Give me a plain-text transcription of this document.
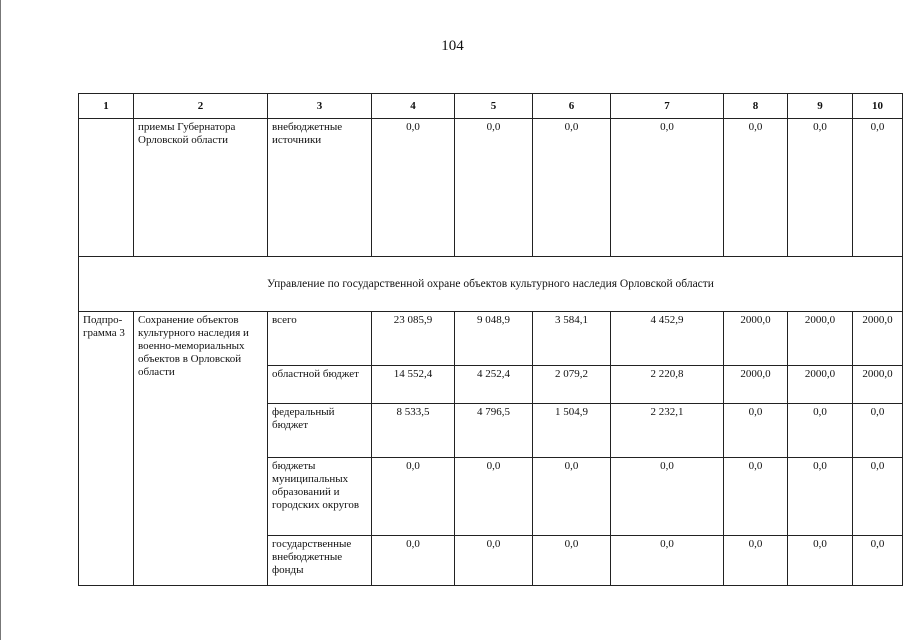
104
1	2	3	4	5	6	7	8	9	10
	приемы Губернатора Орловской области	внебюджетные источники	0,0	0,0	0,0	0,0	0,0	0,0	0,0
Управление по государственной охране объектов культурного наследия Орловской области									
Подпро-грамма 3	Сохранение объектов культурного наследия и военно-мемориальных объектов в Орловской области	всего	23 085,9	9 048,9	3 584,1	4 452,9	2000,0	2000,0	2000,0
		областной бюджет	14 552,4	4 252,4	2 079,2	2 220,8	2000,0	2000,0	2000,0
		федеральный бюджет	8 533,5	4 796,5	1 504,9	2 232,1	0,0	0,0	0,0
		бюджеты муниципальных образований и городских округов	0,0	0,0	0,0	0,0	0,0	0,0	0,0
		государственные внебюджетные фонды	0,0	0,0	0,0	0,0	0,0	0,0	0,0
